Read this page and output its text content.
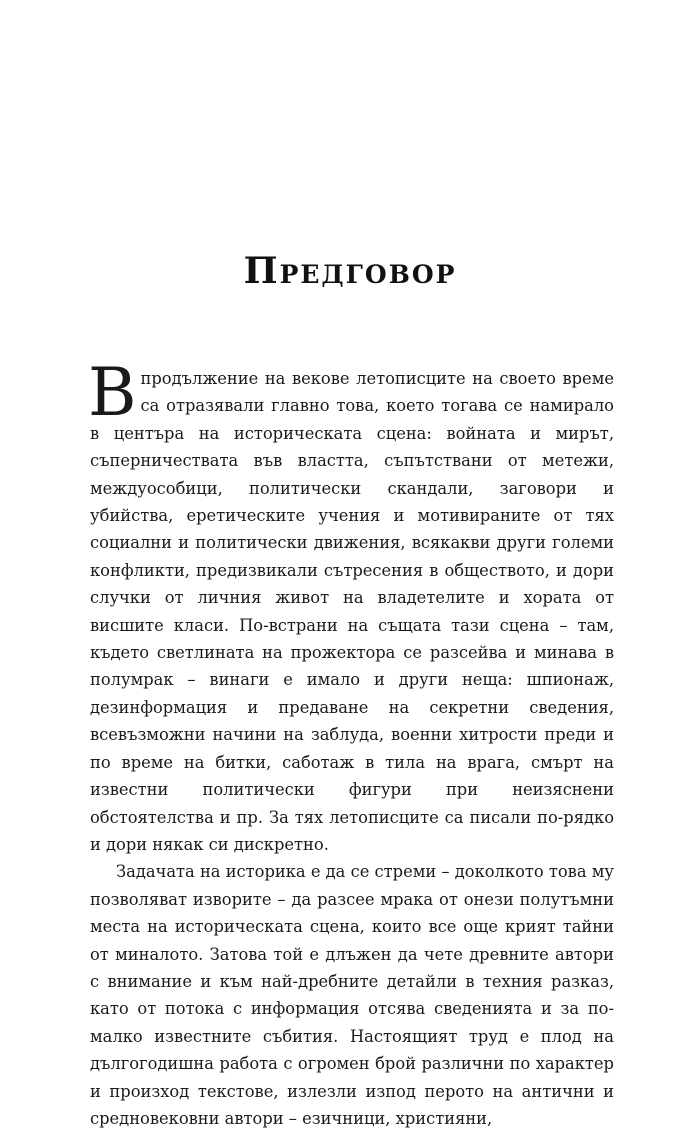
Предговор

Впродължение на векове летописците на своето време са отразявали главно това, което тогава се намирало в центъра на историческата сцена: войната и мирът, съперничествата във властта, съпътствани от метежи, междуособици, политически скандали, заговори и убийства, еретическите учения и мотивираните от тях социални и политически движения, всякакви други големи конфликти, предизвикали сътресения в обществото, и дори случки от личния живот на владетелите и хората от висшите класи. По-встрани на същата тази сцена – там, където светлината на прожектора се разсейва и минава в полумрак – винаги е имало и други неща: шпионаж, дезинформация и предаване на секретни сведения, всевъзможни начини на заблуда, военни хитрости преди и по време на битки, саботаж в тила на врага, смърт на известни политически фигури при неизяснени обстоятелства и пр. За тях летописците са писали по-рядко и дори някак си дискретно.

Задачата на историка е да се стреми – доколкото това му позволяват изворите – да разсее мрака от онези полутъмни места на историческата сцена, които все още крият тайни от миналото. Затова той е длъжен да чете древните автори с внимание и към най-дребните детайли в техния разказ, като от потока с информация отсява сведенията и за по-малко известните събития. Настоящият труд е плод на дългогодишна работа с огромен брой различни по характер и произход текстове, излезли изпод перото на антични и средновековни автори – езичници, християни,
